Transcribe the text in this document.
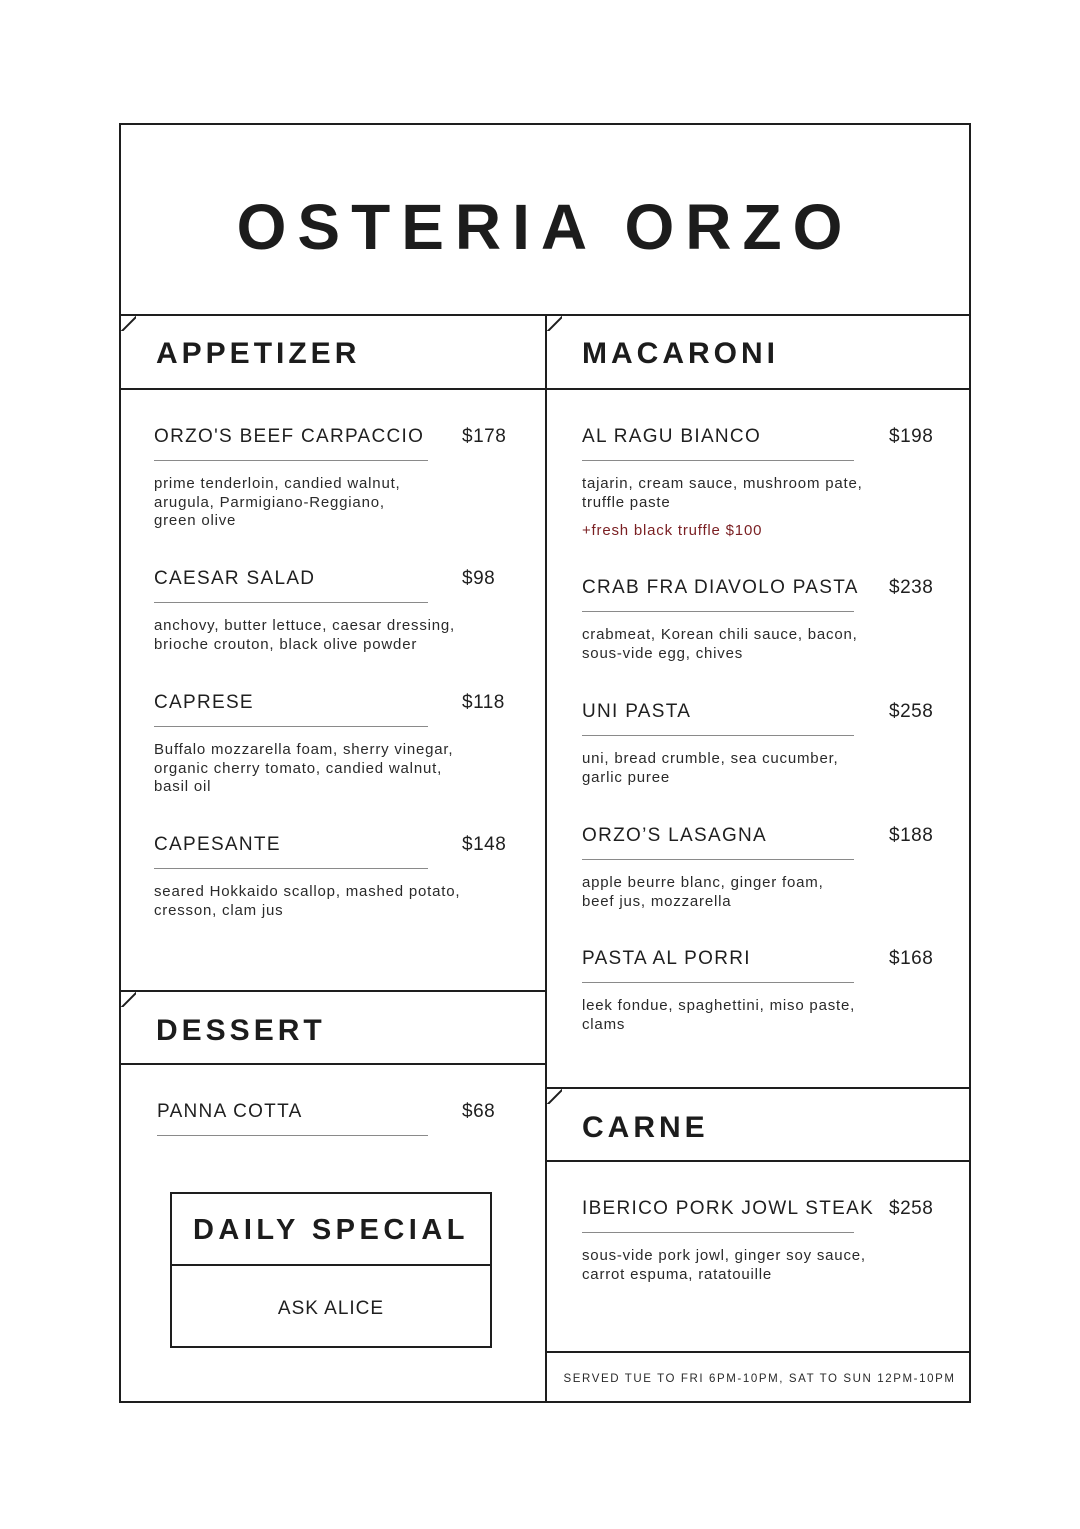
OSTERIA ORZO
APPETIZER	MACARONI
DESSERT
CARNE
ORZO'S BEEF CARPACCIO $178
prime tenderloin, candied walnut,
arugula, Parmigiano-Reggiano,
green olive
CAESAR SALAD	$98
anchovy, butter lettuce, caesar dressing,
brioche crouton, black olive powder
CAPRESE	$118
Buffalo mozzarella foam, sherry vinegar,
organic cherry tomato, candied walnut,
basil oil
CAPESANTE	$148
seared Hokkaido scallop, mashed potato,
cresson, clam jus
AL RAGU BIANCO	$198
tajarin, cream sauce, mushroom pate,
truffle paste
+fresh black truffle $100
CRAB FRA DIAVOLO PASTA $238
crabmeat, Korean chili sauce, bacon,
sous-vide egg, chives
UNI PASTA	$258
uni, bread crumble, sea cucumber,
garlic puree
ORZO’S LASAGNA	$188
apple beurre blanc, ginger foam,
beef jus, mozzarella
PASTA AL PORRI	$168
leek fondue, spaghettini, miso paste,
clams
PANNA COTTA	$68
IBERICO PORK JOWL STEAK $258
sous-vide pork jowl, ginger soy sauce,
carrot espuma, ratatouille
DAILY SPECIAL
ASK ALICE
SERVED TUE TO FRI 6PM-10PM, SAT TO SUN 12PM-10PM
